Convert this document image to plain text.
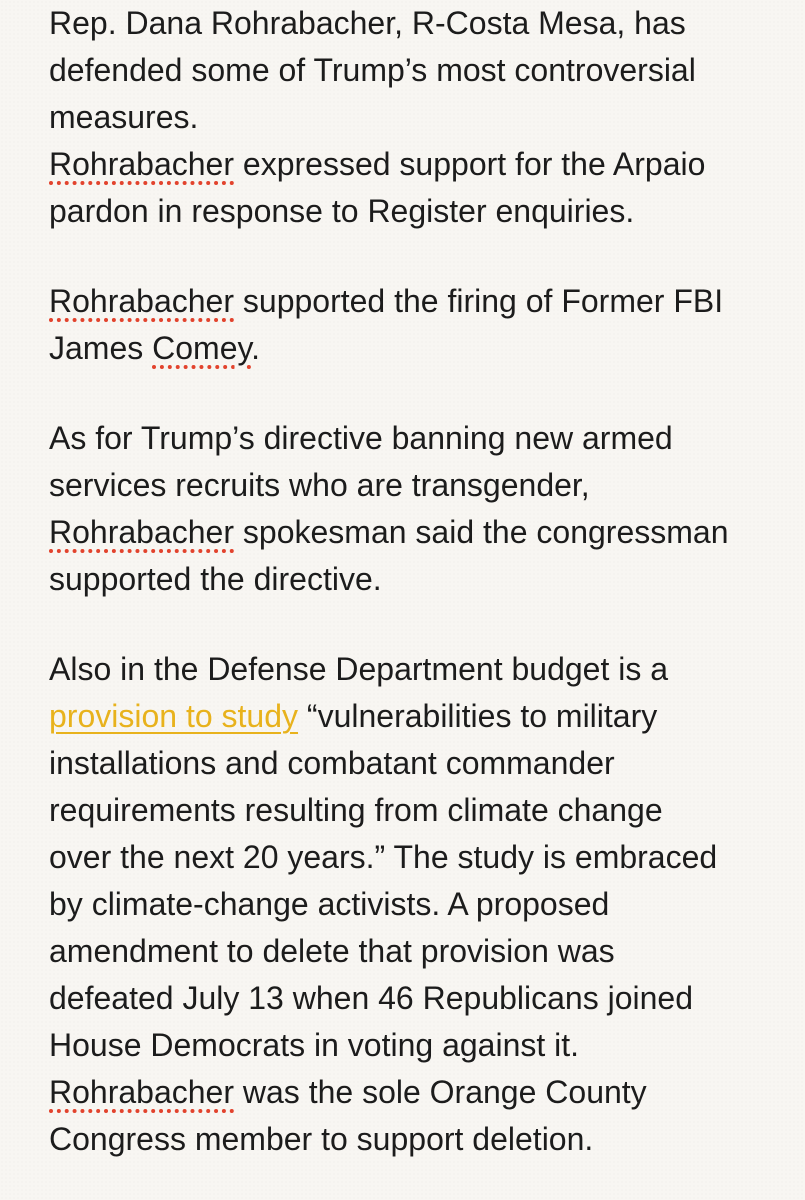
Rep. Dana Rohrabacher, R-Costa Mesa, has
defended some of Trump’s most controversial
measures.
Rohrabacher expressed support for the Arpaio
pardon in response to Register enquiries.

Rohrabacher supported the firing of Former FBI
James Comey.

As for Trump’s directive banning new armed
services recruits who are transgender,
Rohrabacher spokesman said the congressman
supported the directive.

Also in the Defense Department budget is a
provision to study “vulnerabilities to military
installations and combatant commander
requirements resulting from climate change
over the next 20 years.” The study is embraced
by climate-change activists. A proposed
amendment to delete that provision was
defeated July 13 when 46 Republicans joined
House Democrats in voting against it.
Rohrabacher was the sole Orange County
Congress member to support deletion.
